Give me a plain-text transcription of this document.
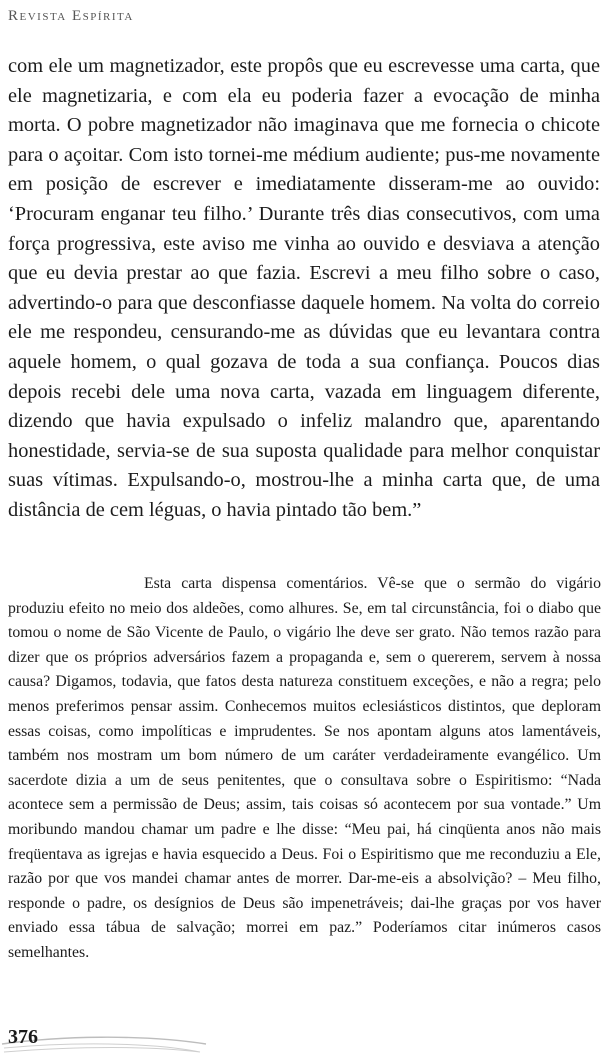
Revista Espírita

com ele um magnetizador, este propôs que eu escrevesse uma carta, que ele magnetizaria, e com ela eu poderia fazer a evocação de minha morta. O pobre magnetizador não imaginava que me fornecia o chicote para o açoitar. Com isto tornei-me médium audiente; pus-me novamente em posição de escrever e imediatamente disseram-me ao ouvido: ‘Procuram enganar teu filho.’ Durante três dias consecutivos, com uma força progressiva, este aviso me vinha ao ouvido e desviava a atenção que eu devia prestar ao que fazia. Escrevi a meu filho sobre o caso, advertindo-o para que desconfiasse daquele homem. Na volta do correio ele me respondeu, censurando-me as dúvidas que eu levantara contra aquele homem, o qual gozava de toda a sua confiança. Poucos dias depois recebi dele uma nova carta, vazada em linguagem diferente, dizendo que havia expulsado o infeliz malandro que, aparentando honestidade, servia-se de sua suposta qualidade para melhor conquistar suas vítimas. Expulsando-o, mostrou-lhe a minha carta que, de uma distância de cem léguas, o havia pintado tão bem.”

Esta carta dispensa comentários. Vê-se que o sermão do vigário produziu efeito no meio dos aldeões, como alhures. Se, em tal circunstância, foi o diabo que tomou o nome de São Vicente de Paulo, o vigário lhe deve ser grato. Não temos razão para dizer que os próprios adversários fazem a propaganda e, sem o quererem, servem à nossa causa? Digamos, todavia, que fatos desta natureza constituem exceções, e não a regra; pelo menos preferimos pensar assim. Conhecemos muitos eclesiásticos distintos, que deploram essas coisas, como impolíticas e imprudentes. Se nos apontam alguns atos lamentáveis, também nos mostram um bom número de um caráter verdadeiramente evangélico. Um sacerdote dizia a um de seus penitentes, que o consultava sobre o Espiritismo: “Nada acontece sem a permissão de Deus; assim, tais coisas só acontecem por sua vontade.” Um moribundo mandou chamar um padre e lhe disse: “Meu pai, há cinqüenta anos não mais freqüentava as igrejas e havia esquecido a Deus. Foi o Espiritismo que me reconduziu a Ele, razão por que vos mandei chamar antes de morrer. Dar-me-eis a absolvição? – Meu filho, responde o padre, os desígnios de Deus são impenetráveis; dai-lhe graças por vos haver enviado essa tábua de salvação; morrei em paz.” Poderíamos citar inúmeros casos semelhantes.

376
